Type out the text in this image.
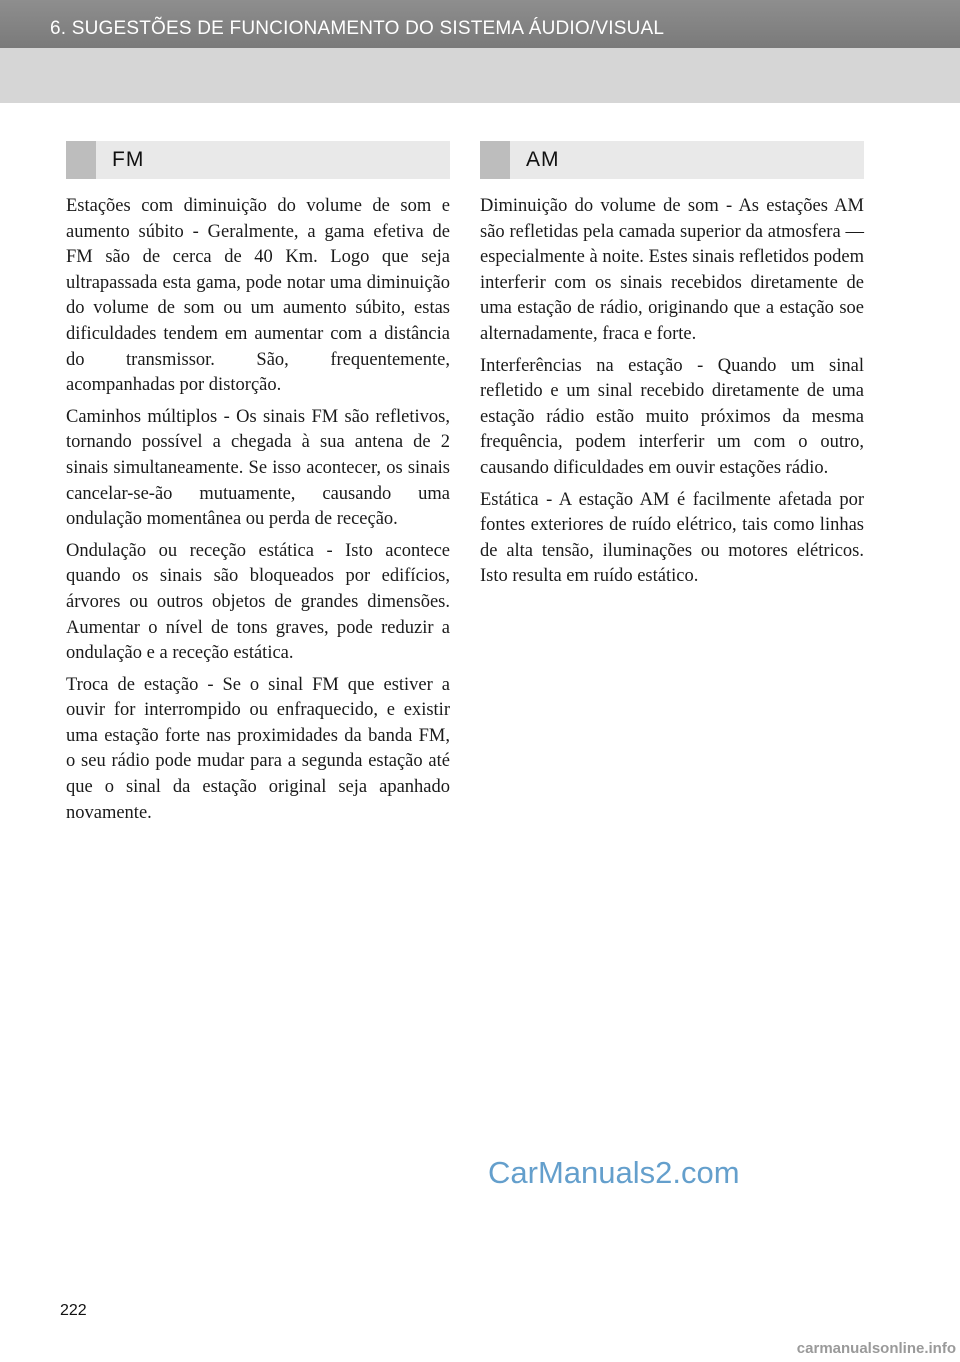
6. SUGESTÕES DE FUNCIONAMENTO DO SISTEMA ÁUDIO/VISUAL
FM	AM

Estações com diminuição do volume de som e aumento súbito - Geralmente, a gama efetiva de FM são de cerca de 40 Km. Logo que seja ultrapassada esta gama, pode notar uma diminuição do volume de som ou um aumento súbito, estas dificuldades tendem em aumentar com a distância do transmissor. São, frequentemente, acompanhadas por distorção.

Caminhos múltiplos - Os sinais FM são refletivos, tornando possível a chegada à sua antena de 2 sinais simultaneamente. Se isso acontecer, os sinais cancelar-se-ão mutuamente, causando uma ondulação momentânea ou perda de receção.

Ondulação ou receção estática - Isto acontece quando os sinais são bloqueados por edifícios, árvores ou outros objetos de grandes dimensões. Aumentar o nível de tons graves, pode reduzir a ondulação e a receção estática.

Troca de estação - Se o sinal FM que estiver a ouvir for interrompido ou enfraquecido, e existir uma estação forte nas proximidades da banda FM, o seu rádio pode mudar para a segunda estação até que o sinal da estação original seja apanhado novamente.

Diminuição do volume de som - As estações AM são refletidas pela camada superior da atmosfera — especialmente à noite. Estes sinais refletidos podem interferir com os sinais recebidos diretamente de uma estação de rádio, originando que a estação soe alternadamente, fraca e forte.

Interferências na estação - Quando um sinal refletido e um sinal recebido diretamente de uma estação rádio estão muito próximos da mesma frequência, podem interferir um com o outro, causando dificuldades em ouvir estações rádio.

Estática - A estação AM é facilmente afetada por fontes exteriores de ruído elétrico, tais como linhas de alta tensão, iluminações ou motores elétricos. Isto resulta em ruído estático.

CarManuals2.com
222
carmanualsonline.info
